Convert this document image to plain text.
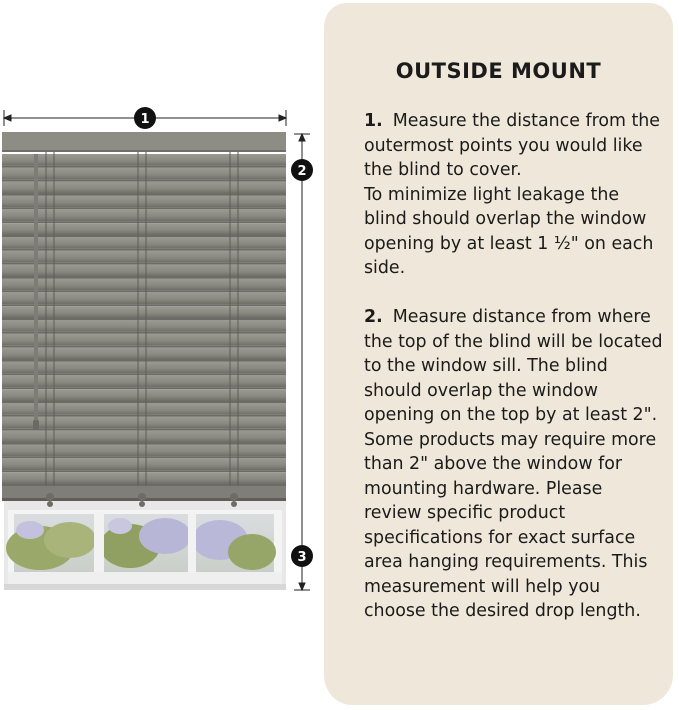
1
2
3
OUTSIDE MOUNT
1. Measure the distance from the outermost points you would like the blind to cover.
To minimize light leakage the blind should overlap the window opening by at least 1 ½" on each side.
2. Measure distance from where the top of the blind will be located to the window sill. The blind should overlap the window opening on the top by at least 2". Some products may require more than 2" above the window for mounting hardware. Please review specific product specifications for exact surface area hanging requirements. This measurement will help you choose the desired drop length.
